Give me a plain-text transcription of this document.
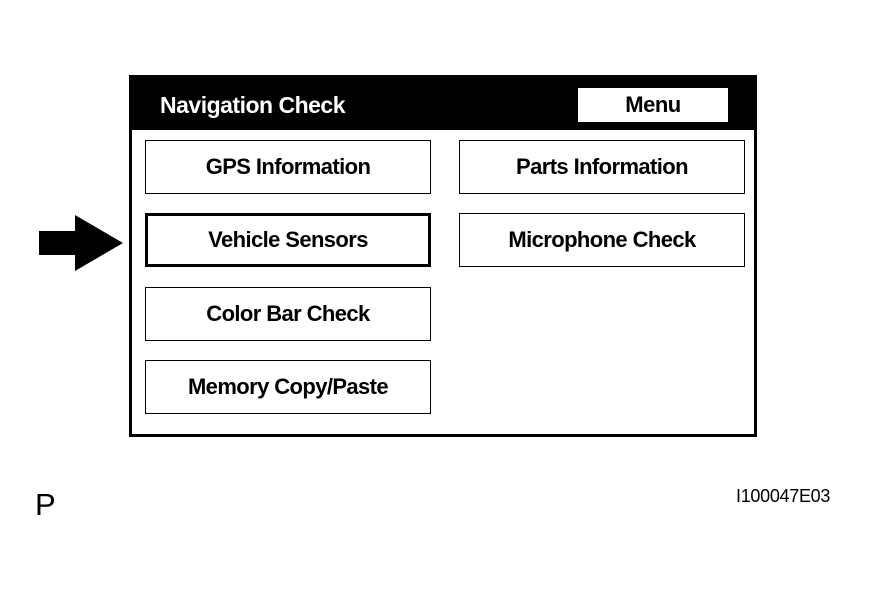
Navigation Check	Menu
GPS Information	Parts Information
Vehicle Sensors	Microphone Check
Color Bar Check
Memory Copy/Paste
P	I100047E03
